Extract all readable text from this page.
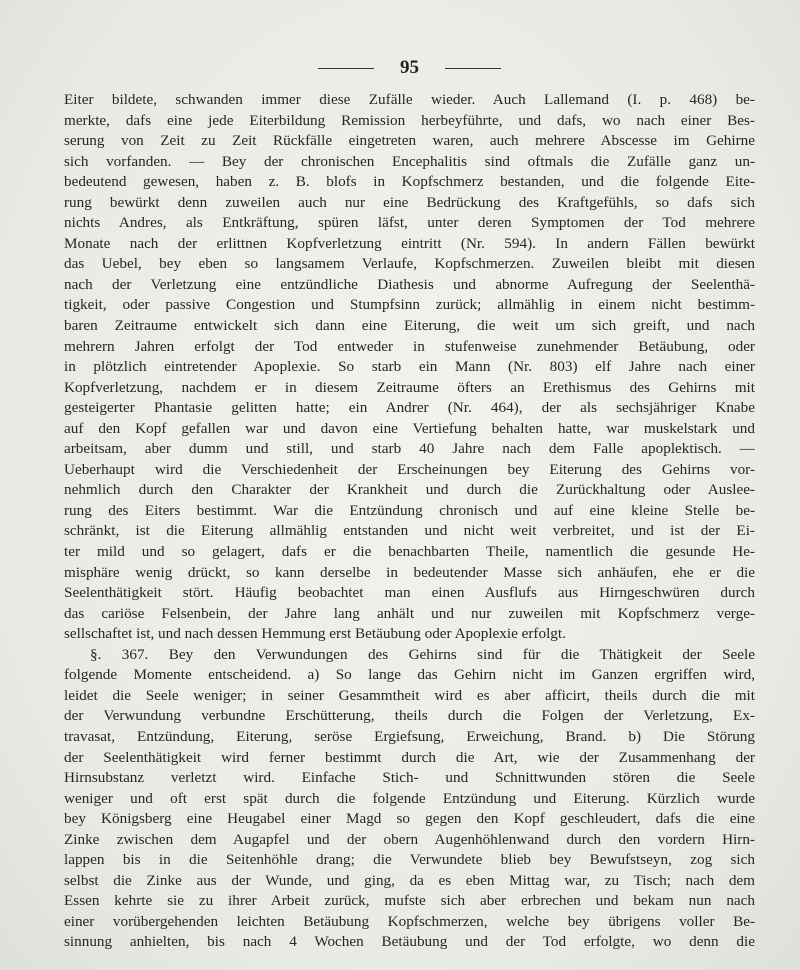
95
Eiter bildete, schwanden immer diese Zufälle wieder. Auch Lallemand (I. p. 468) be-
merkte, dafs eine jede Eiterbildung Remission herbeyführte, und dafs, wo nach einer Bes-
serung von Zeit zu Zeit Rückfälle eingetreten waren, auch mehrere Abscesse im Gehirne
sich vorfanden. — Bey der chronischen Encephalitis sind oftmals die Zufälle ganz un-
bedeutend gewesen, haben z. B. blofs in Kopfschmerz bestanden, und die folgende Eite-
rung bewürkt denn zuweilen auch nur eine Bedrückung des Kraftgefühls, so dafs sich
nichts Andres, als Entkräftung, spüren läfst, unter deren Symptomen der Tod mehrere
Monate nach der erlittnen Kopfverletzung eintritt (Nr. 594). In andern Fällen bewürkt
das Uebel, bey eben so langsamem Verlaufe, Kopfschmerzen. Zuweilen bleibt mit diesen
nach der Verletzung eine entzündliche Diathesis und abnorme Aufregung der Seelenthä-
tigkeit, oder passive Congestion und Stumpfsinn zurück; allmählig in einem nicht bestimm-
baren Zeitraume entwickelt sich dann eine Eiterung, die weit um sich greift, und nach
mehrern Jahren erfolgt der Tod entweder in stufenweise zunehmender Betäubung, oder
in plötzlich eintretender Apoplexie. So starb ein Mann (Nr. 803) elf Jahre nach einer
Kopfverletzung, nachdem er in diesem Zeitraume öfters an Erethismus des Gehirns mit
gesteigerter Phantasie gelitten hatte; ein Andrer (Nr. 464), der als sechsjähriger Knabe
auf den Kopf gefallen war und davon eine Vertiefung behalten hatte, war muskelstark und
arbeitsam, aber dumm und still, und starb 40 Jahre nach dem Falle apoplektisch. —
Ueberhaupt wird die Verschiedenheit der Erscheinungen bey Eiterung des Gehirns vor-
nehmlich durch den Charakter der Krankheit und durch die Zurückhaltung oder Auslee-
rung des Eiters bestimmt. War die Entzündung chronisch und auf eine kleine Stelle be-
schränkt, ist die Eiterung allmählig entstanden und nicht weit verbreitet, und ist der Ei-
ter mild und so gelagert, dafs er die benachbarten Theile, namentlich die gesunde He-
misphäre wenig drückt, so kann derselbe in bedeutender Masse sich anhäufen, ehe er die
Seelenthätigkeit stört. Häufig beobachtet man einen Ausflufs aus Hirngeschwüren durch
das cariöse Felsenbein, der Jahre lang anhält und nur zuweilen mit Kopfschmerz verge-
sellschaftet ist, und nach dessen Hemmung erst Betäubung oder Apoplexie erfolgt.
§. 367. Bey den Verwundungen des Gehirns sind für die Thätigkeit der Seele
folgende Momente entscheidend. a) So lange das Gehirn nicht im Ganzen ergriffen wird,
leidet die Seele weniger; in seiner Gesammtheit wird es aber afficirt, theils durch die mit
der Verwundung verbundne Erschütterung, theils durch die Folgen der Verletzung, Ex-
travasat, Entzündung, Eiterung, seröse Ergiefsung, Erweichung, Brand. b) Die Störung
der Seelenthätigkeit wird ferner bestimmt durch die Art, wie der Zusammenhang der
Hirnsubstanz verletzt wird. Einfache Stich- und Schnittwunden stören die Seele
weniger und oft erst spät durch die folgende Entzündung und Eiterung. Kürzlich wurde
bey Königsberg eine Heugabel einer Magd so gegen den Kopf geschleudert, dafs die eine
Zinke zwischen dem Augapfel und der obern Augenhöhlenwand durch den vordern Hirn-
lappen bis in die Seitenhöhle drang; die Verwundete blieb bey Bewufstseyn, zog sich
selbst die Zinke aus der Wunde, und ging, da es eben Mittag war, zu Tisch; nach dem
Essen kehrte sie zu ihrer Arbeit zurück, mufste sich aber erbrechen und bekam nun nach
einer vorübergehenden leichten Betäubung Kopfschmerzen, welche bey übrigens voller Be-
sinnung anhielten, bis nach 4 Wochen Betäubung und der Tod erfolgte, wo denn die
